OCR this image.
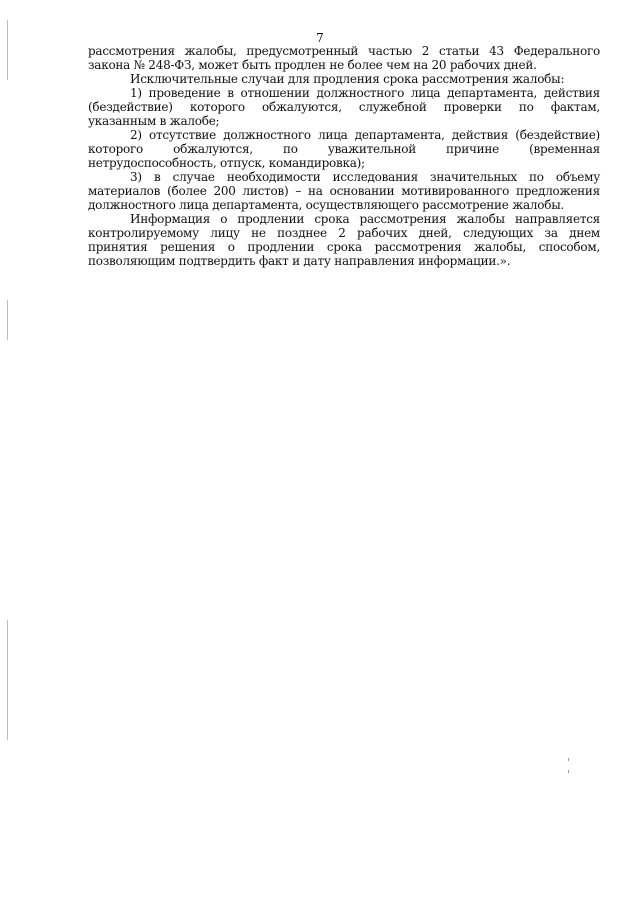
7
рассмотрения жалобы, предусмотренный частью 2 статьи 43 Федерального
закона № 248-ФЗ, может быть продлен не более чем на 20 рабочих дней.
Исключительные случаи для продления срока рассмотрения жалобы:
1) проведение в отношении должностного лица департамента, действия
(бездействие) которого обжалуются, служебной проверки по фактам,
указанным в жалобе;
2) отсутствие должностного лица департамента, действия (бездействие)
которого обжалуются, по уважительной причине (временная
нетрудоспособность, отпуск, командировка);
3) в случае необходимости исследования значительных по объему
материалов (более 200 листов) – на основании мотивированного предложения
должностного лица департамента, осуществляющего рассмотрение жалобы.
Информация о продлении срока рассмотрения жалобы направляется
контролируемому лицу не позднее 2 рабочих дней, следующих за днем
принятия решения о продлении срока рассмотрения жалобы, способом,
позволяющим подтвердить факт и дату направления информации.».
